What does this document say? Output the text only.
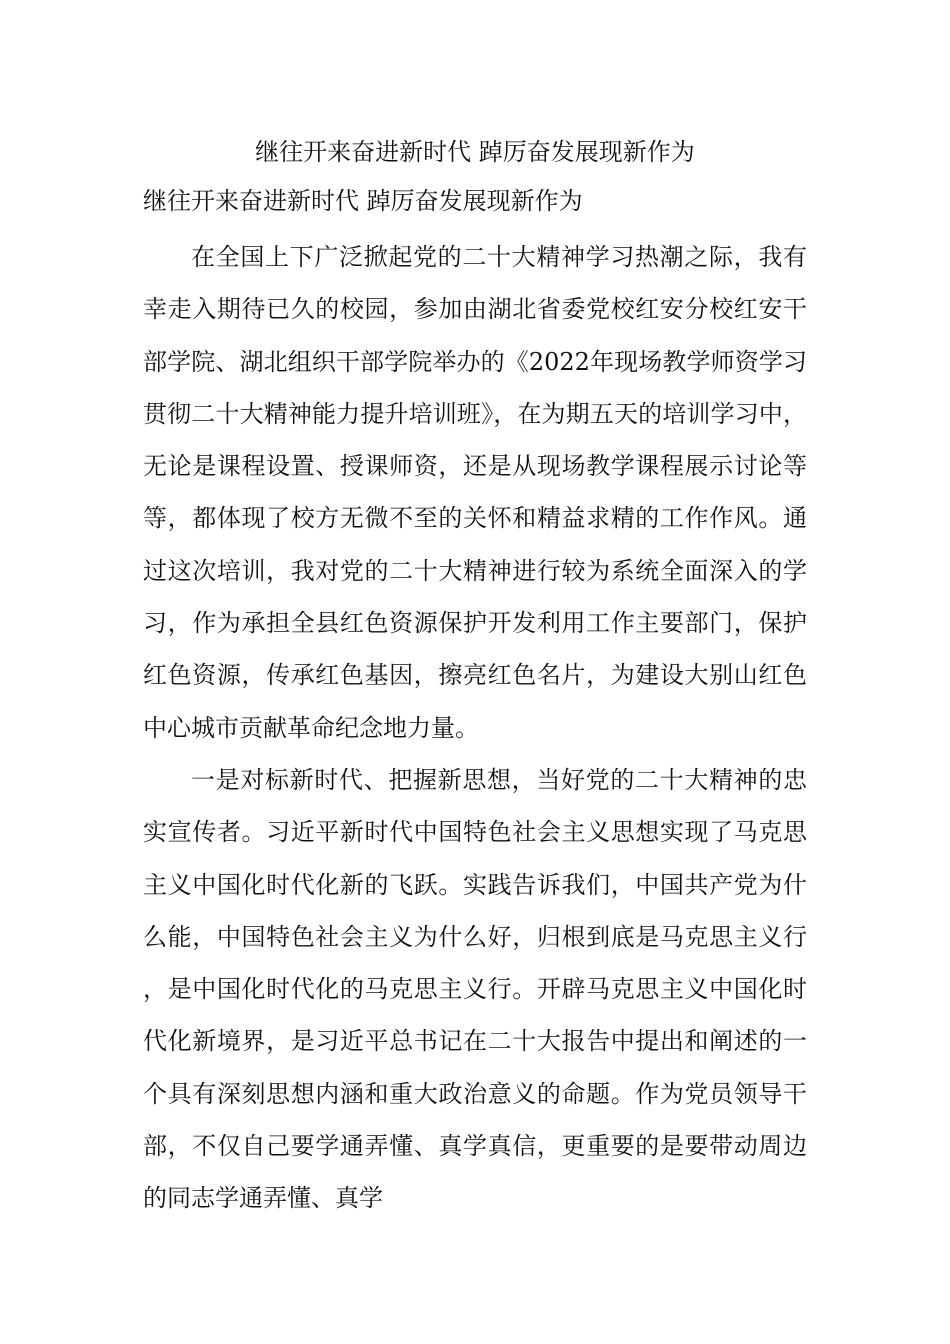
继往开来奋进新时代 踔厉奋发展现新作为

继往开来奋进新时代 踔厉奋发展现新作为

在全国上下广泛掀起党的二十大精神学习热潮之际，我有幸走入期待已久的校园，参加由湖北省委党校红安分校红安干部学院、湖北组织干部学院举办的《2022年现场教学师资学习贯彻二十大精神能力提升培训班》，在为期五天的培训学习中，无论是课程设置、授课师资，还是从现场教学课程展示讨论等等，都体现了校方无微不至的关怀和精益求精的工作作风。通过这次培训，我对党的二十大精神进行较为系统全面深入的学习，作为承担全县红色资源保护开发利用工作主要部门，保护红色资源，传承红色基因，擦亮红色名片，为建设大别山红色中心城市贡献革命纪念地力量。

一是对标新时代、把握新思想，当好党的二十大精神的忠实宣传者。习近平新时代中国特色社会主义思想实现了马克思主义中国化时代化新的飞跃。实践告诉我们，中国共产党为什么能，中国特色社会主义为什么好，归根到底是马克思主义行，是中国化时代化的马克思主义行。开辟马克思主义中国化时代化新境界，是习近平总书记在二十大报告中提出和阐述的一个具有深刻思想内涵和重大政治意义的命题。作为党员领导干部，不仅自己要学通弄懂、真学真信，更重要的是要带动周边的同志学通弄懂、真学
